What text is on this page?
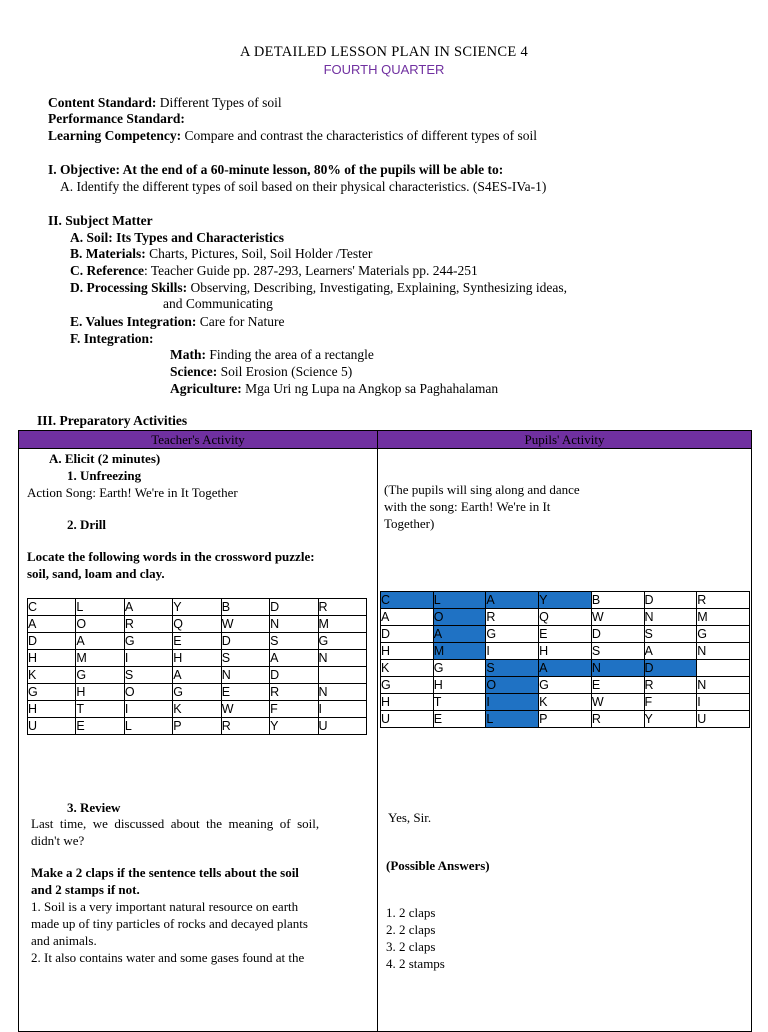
A DETAILED LESSON PLAN IN SCIENCE 4
FOURTH QUARTER
Content Standard: Different Types of soil
Performance Standard:
Learning Competency: Compare and contrast the characteristics of different types of soil
I. Objective: At the end of a 60-minute lesson, 80% of the pupils will be able to:
A. Identify the different types of soil based on their physical characteristics. (S4ES-IVa-1)
II. Subject Matter
A. Soil: Its Types and Characteristics
B. Materials: Charts, Pictures, Soil, Soil Holder /Tester
C. Reference: Teacher Guide pp. 287-293, Learners' Materials pp. 244-251
D. Processing Skills: Observing, Describing, Investigating, Explaining, Synthesizing ideas,
and Communicating
E. Values Integration: Care for Nature
F. Integration:
Math: Finding the area of a rectangle
Science: Soil Erosion (Science 5)
Agriculture: Mga Uri ng Lupa na Angkop sa Paghahalaman
III. Preparatory Activities
Teacher's Activity	Pupils' Activity

A. Elicit (2 minutes)
1. Unfreezing
Action Song: Earth! We're in It Together
2. Drill
Locate the following words in the crossword puzzle:
soil, sand, loam and clay.
C	L	A	Y	B	D	R
A	O	R	Q	W	N	M
D	A	G	E	D	S	G
H	M	I	H	S	A	N
K	G	S	A	N	D	
G	H	O	G	E	R	N
H	T	I	K	W	F	I
U	E	L	P	R	Y	U
3. Review
Last  time,  we  discussed  about  the  meaning  of  soil,
didn't we?
Make a 2 claps if the sentence tells about the soil
and 2 stamps if not.
1. Soil is a very important natural resource on earth
made up of tiny particles of rocks and decayed plants
and animals.
2. It also contains water and some gases found at the

(The pupils will sing along and dance
with the song: Earth! We're in It
Together)
C	L	A	Y	B	D	R
A	O	R	Q	W	N	M
D	A	G	E	D	S	G
H	M	I	H	S	A	N
K	G	S	A	N	D	
G	H	O	G	E	R	N
H	T	I	K	W	F	I
U	E	L	P	R	Y	U
Yes, Sir.
(Possible Answers)
1. 2 claps
2. 2 claps
3. 2 claps
4. 2 stamps
